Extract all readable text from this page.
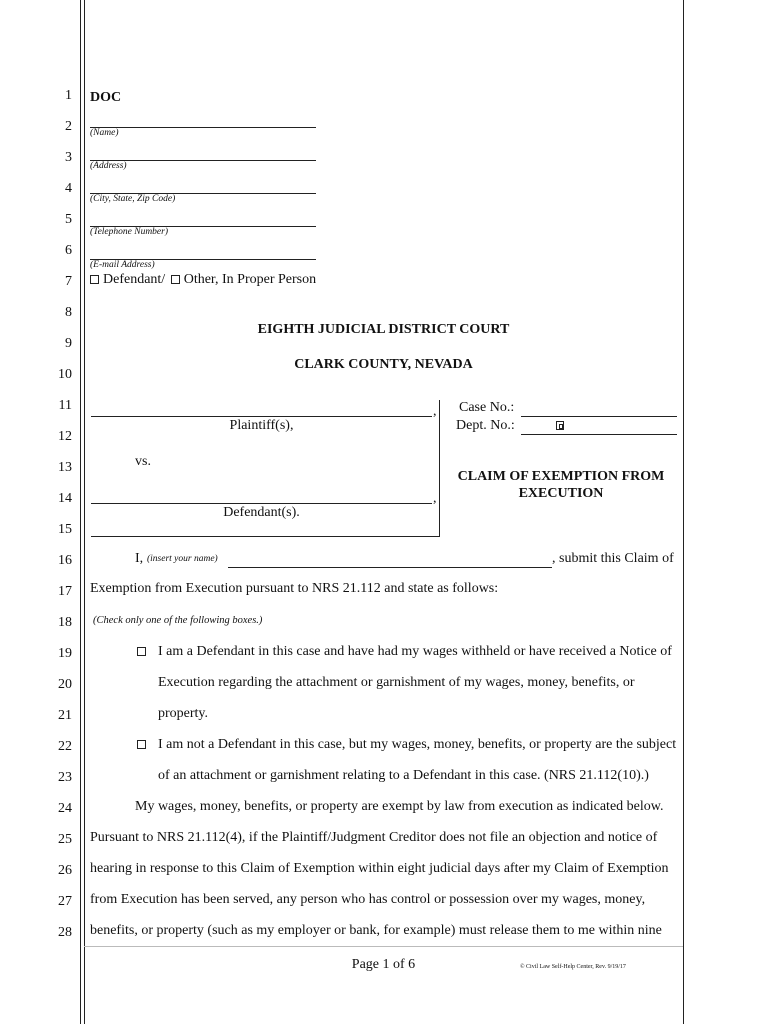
1
2
3
4
5
6
7
8
9
10
11
12
13
14
15
16
17
18
19
20
21
22
23
24
25
26
27
28
DOC
(Name)
(Address)
(City, State, Zip Code)
(Telephone Number)
(E-mail Address)
Defendant/ Other, In Proper Person
EIGHTH JUDICIAL DISTRICT COURT
CLARK COUNTY, NEVADA
,
Plaintiff(s),
vs.
,
Defendant(s).
Case No.:
Dept. No.:
CLAIM OF EXEMPTION FROM
EXECUTION
I, (insert your name)	, submit this Claim of
Exemption from Execution pursuant to NRS 21.112 and state as follows:
(Check only one of the following boxes.)
I am a Defendant in this case and have had my wages withheld or have received a Notice of
Execution regarding the attachment or garnishment of my wages, money, benefits, or
property.
I am not a Defendant in this case, but my wages, money, benefits, or property are the subject
of an attachment or garnishment relating to a Defendant in this case. (NRS 21.112(10).)
My wages, money, benefits, or property are exempt by law from execution as indicated below.
Pursuant to NRS 21.112(4), if the Plaintiff/Judgment Creditor does not file an objection and notice of
hearing in response to this Claim of Exemption within eight judicial days after my Claim of Exemption
from Execution has been served, any person who has control or possession over my wages, money,
benefits, or property (such as my employer or bank, for example) must release them to me within nine
Page 1 of 6	© Civil Law Self-Help Center, Rev. 9/19/17
